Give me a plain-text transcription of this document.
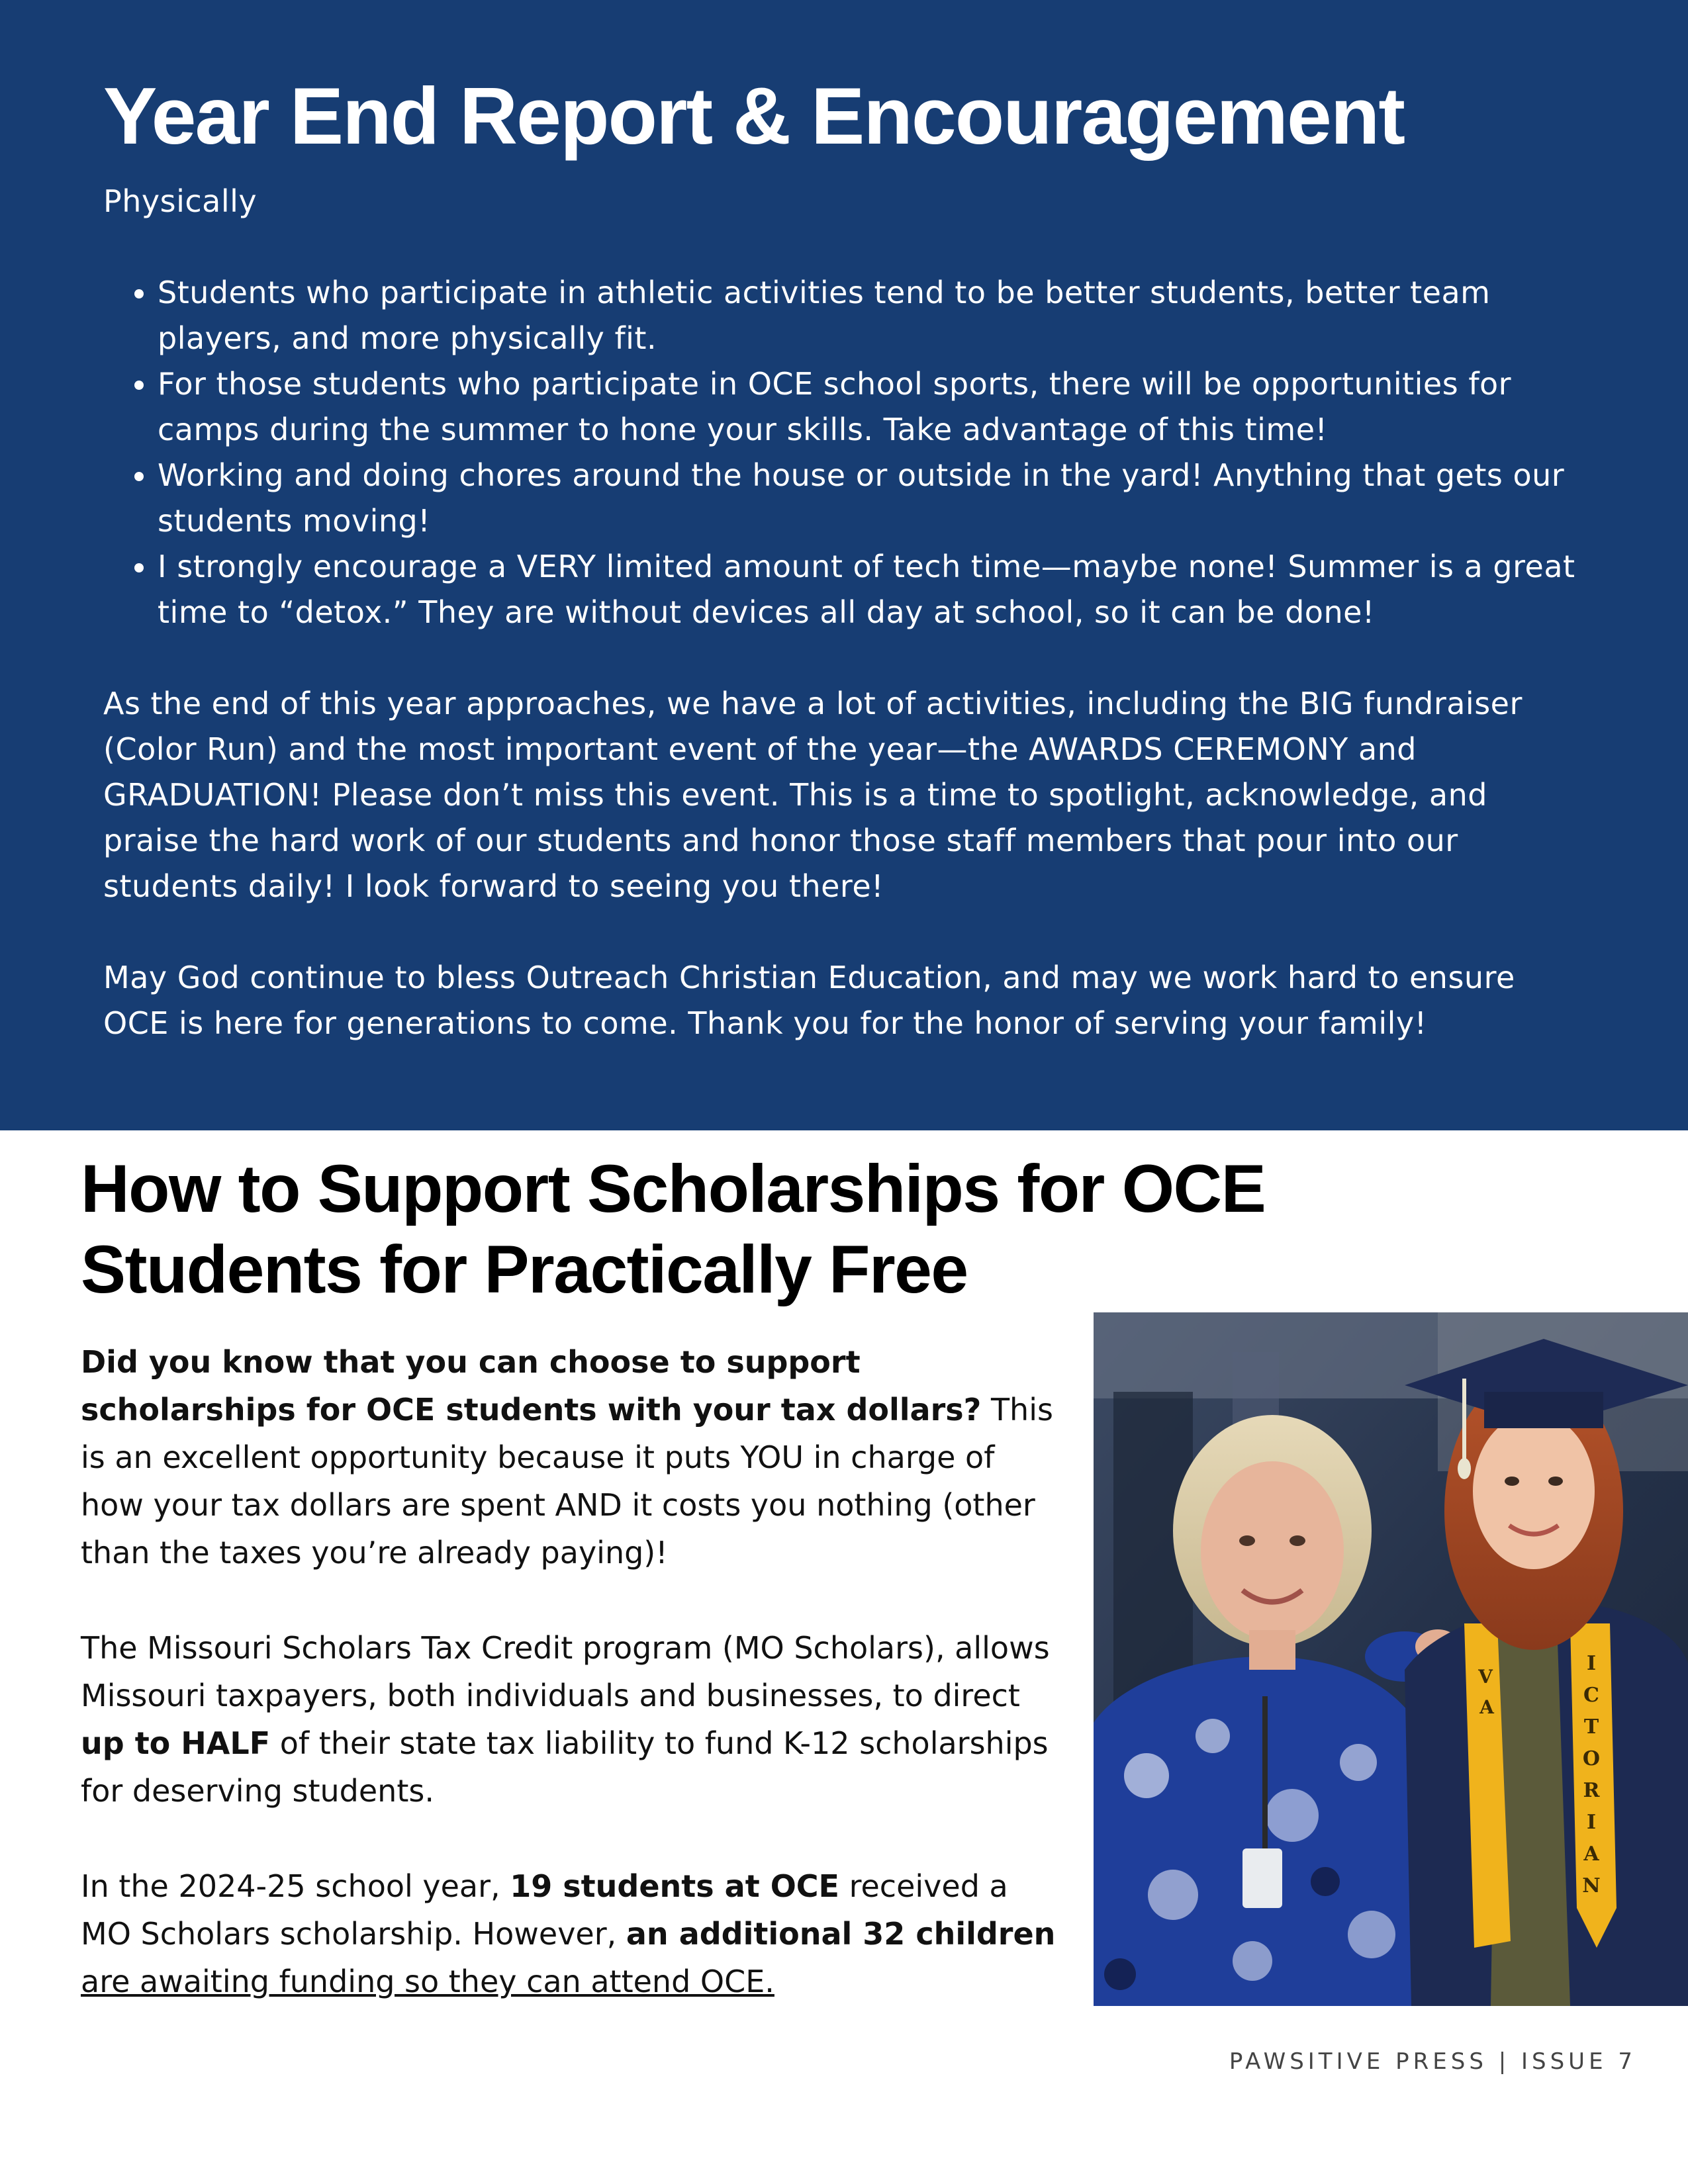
Year End Report & Encouragement

Physically

• Students who participate in athletic activities tend to be better students, better team players, and more physically fit.
• For those students who participate in OCE school sports, there will be opportunities for camps during the summer to hone your skills. Take advantage of this time!
• Working and doing chores around the house or outside in the yard! Anything that gets our students moving!
• I strongly encourage a VERY limited amount of tech time—maybe none! Summer is a great time to “detox.” They are without devices all day at school, so it can be done!

As the end of this year approaches, we have a lot of activities, including the BIG fundraiser (Color Run) and the most important event of the year—the AWARDS CEREMONY and GRADUATION! Please don’t miss this event. This is a time to spotlight, acknowledge, and praise the hard work of our students and honor those staff members that pour into our students daily! I look forward to seeing you there!

May God continue to bless Outreach Christian Education, and may we work hard to ensure OCE is here for generations to come. Thank you for the honor of serving your family!

How to Support Scholarships for OCE Students for Practically Free

Did you know that you can choose to support scholarships for OCE students with your tax dollars? This is an excellent opportunity because it puts YOU in charge of how your tax dollars are spent AND it costs you nothing (other than the taxes you’re already paying)!

The Missouri Scholars Tax Credit program (MO Scholars), allows Missouri taxpayers, both individuals and businesses, to direct up to HALF of their state tax liability to fund K-12 scholarships for deserving students.

In the 2024-25 school year, 19 students at OCE received a MO Scholars scholarship. However, an additional 32 children are awaiting funding so they can attend OCE.

I
C
T
O
R
I
A
N
V
A
PAWSITIVE PRESS | ISSUE 7
